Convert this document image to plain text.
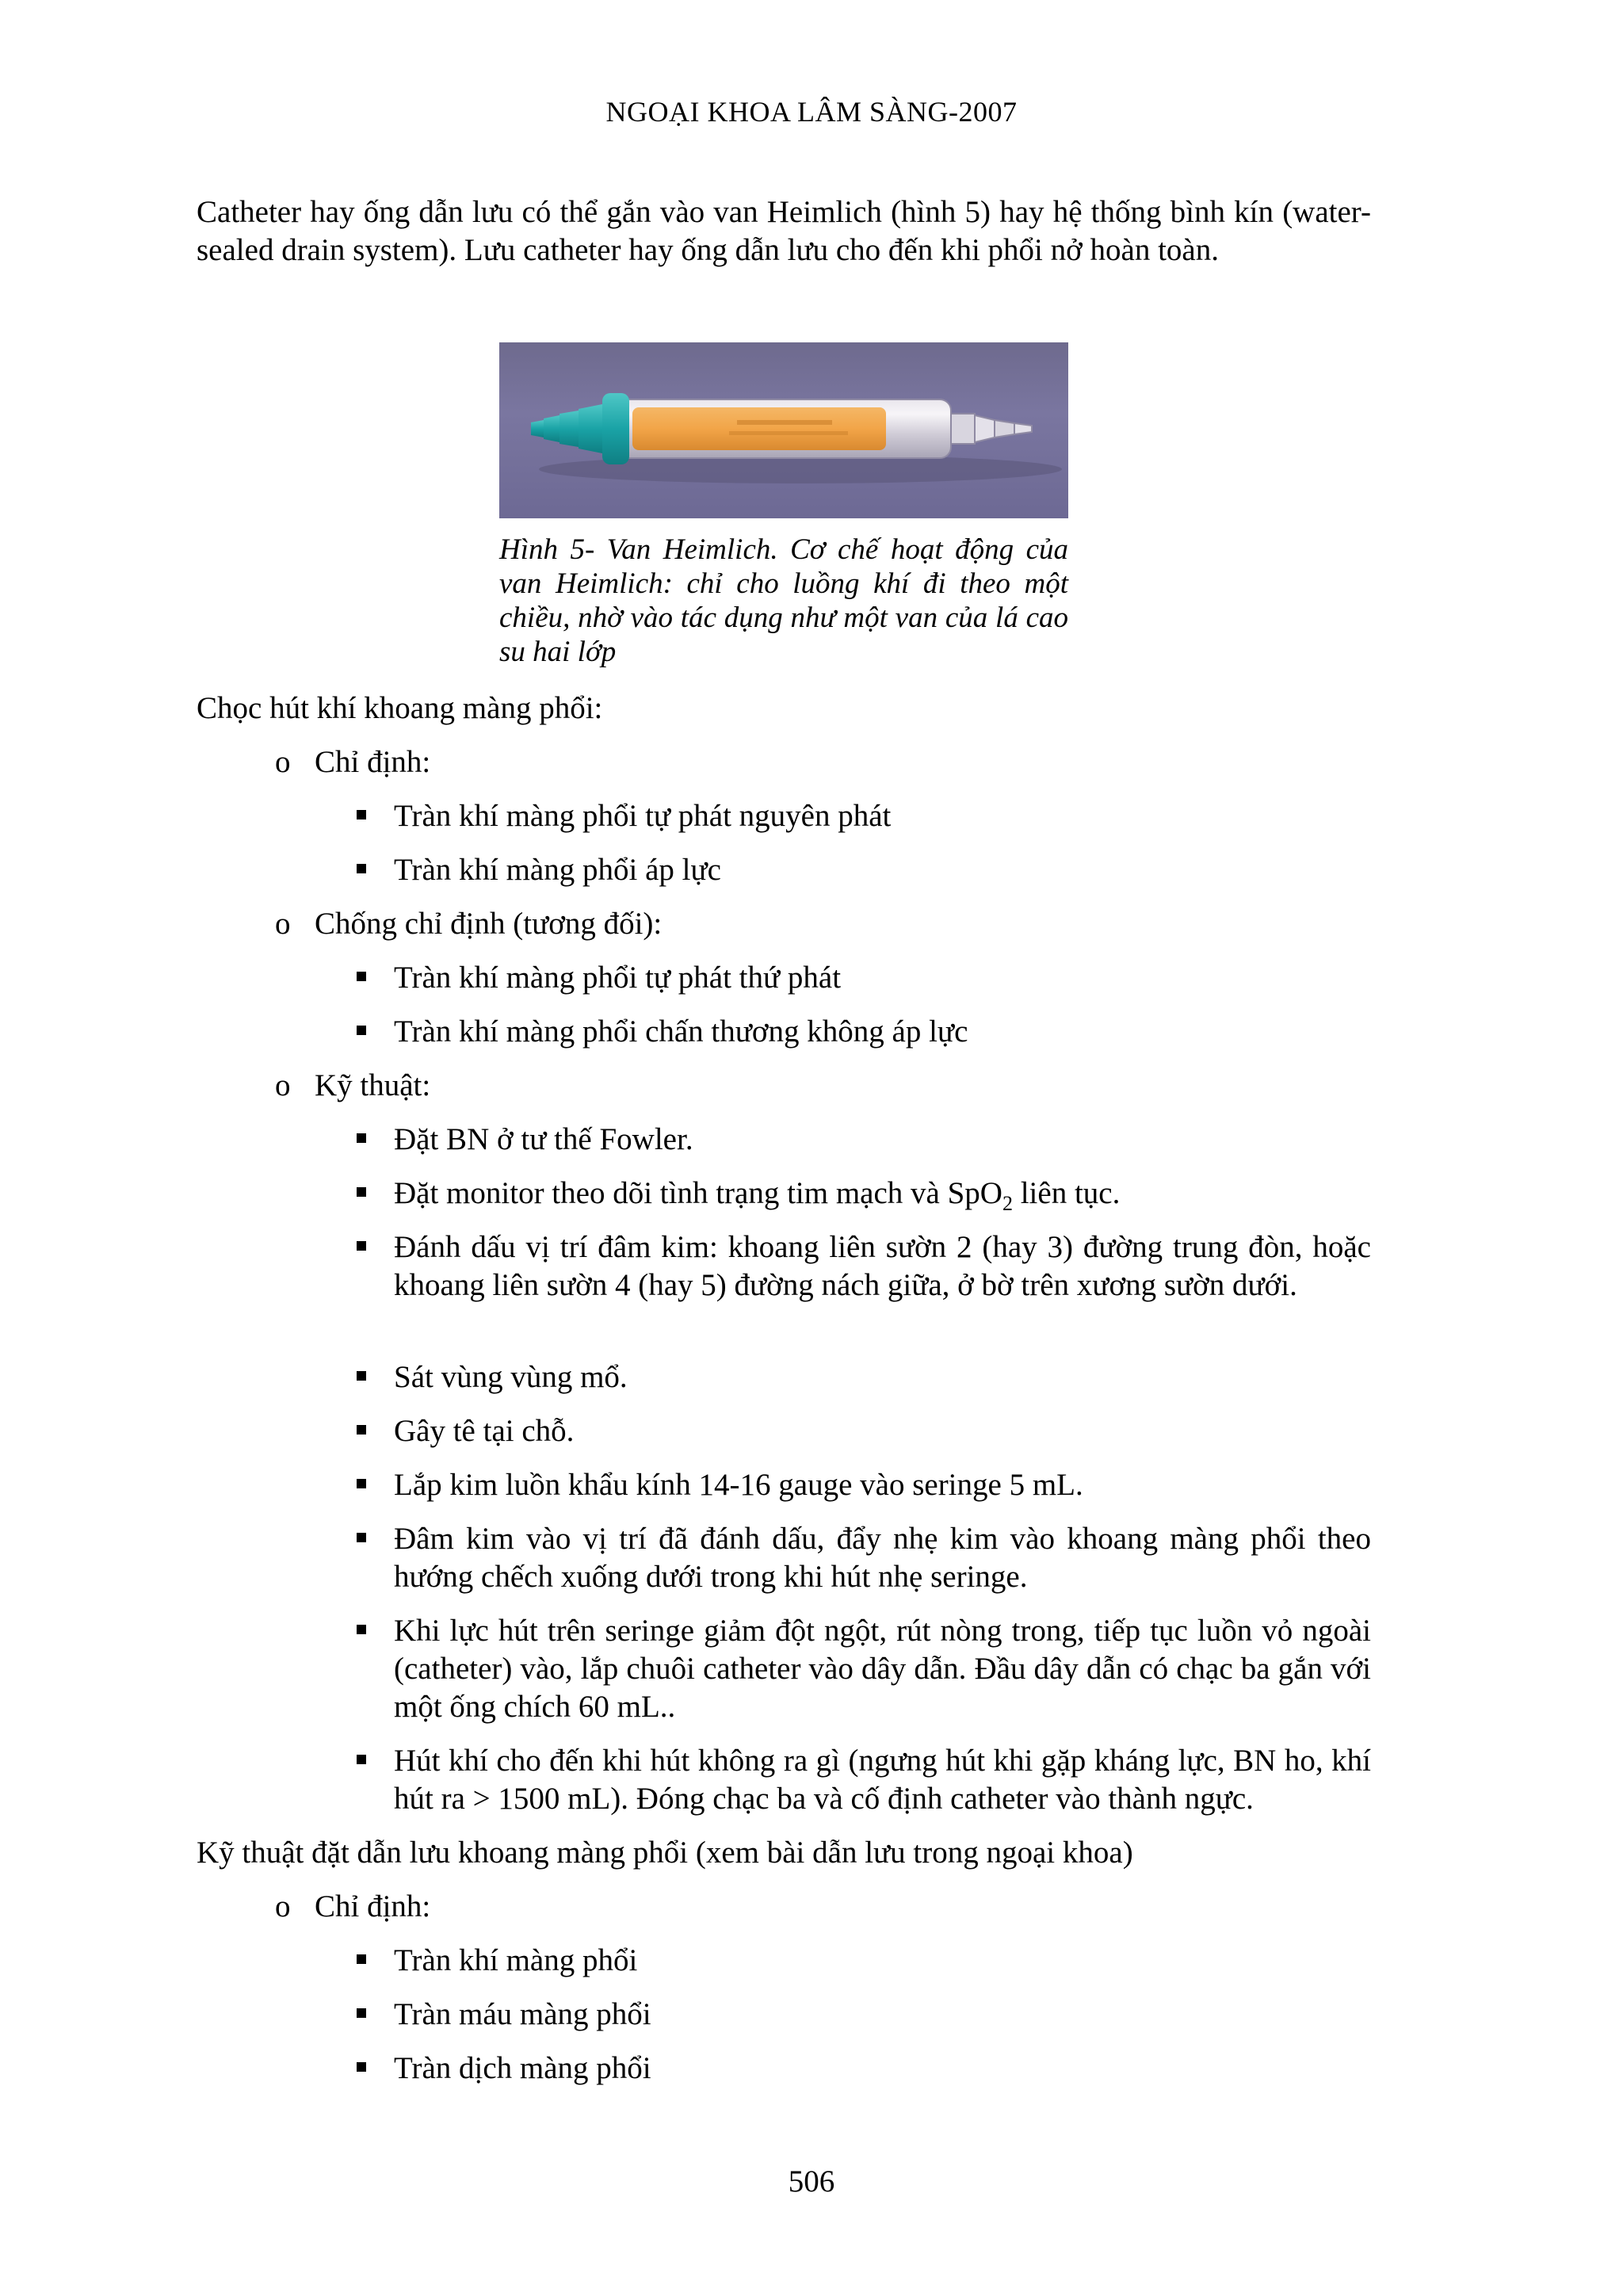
NGOẠI KHOA LÂM SÀNG-2007
Catheter hay ống dẫn lưu có thể gắn vào van Heimlich (hình 5) hay hệ thống bình kín (water-sealed drain system). Lưu catheter hay ống dẫn lưu cho đến khi phổi nở hoàn toàn.
Hình 5- Van Heimlich. Cơ chế hoạt động của van Heimlich: chỉ cho luồng khí đi theo một chiều, nhờ vào tác dụng như một van của lá cao su hai lớp
Chọc hút khí khoang màng phổi:
o Chỉ định:
Tràn khí màng phổi tự phát nguyên phát
Tràn khí màng phổi áp lực
o Chống chỉ định (tương đối):
Tràn khí màng phổi tự phát thứ phát
Tràn khí màng phổi chấn thương không áp lực
o Kỹ thuật:
Đặt BN ở tư thế Fowler.
Đặt monitor theo dõi tình trạng tim mạch và SpO$_2$ liên tục.
Đánh dấu vị trí đâm kim: khoang liên sườn 2 (hay 3) đường trung đòn, hoặc khoang liên sườn 4 (hay 5) đường nách giữa, ở bờ trên xương sườn dưới.
Sát vùng vùng mổ.
Gây tê tại chỗ.
Lắp kim luồn khẩu kính 14-16 gauge vào seringe 5 mL.
Đâm kim vào vị trí đã đánh dấu, đẩy nhẹ kim vào khoang màng phổi theo hướng chếch xuống dưới trong khi hút nhẹ seringe.
Khi lực hút trên seringe giảm đột ngột, rút nòng trong, tiếp tục luồn vỏ ngoài (catheter) vào, lắp chuôi catheter vào dây dẫn. Đầu dây dẫn có chạc ba gắn với một ống chích 60 mL..
Hút khí cho đến khi hút không ra gì (ngưng hút khi gặp kháng lực, BN ho, khí hút ra > 1500 mL). Đóng chạc ba và cố định catheter vào thành ngực.
Kỹ thuật đặt dẫn lưu khoang màng phổi (xem bài dẫn lưu trong ngoại khoa)
o Chỉ định:
Tràn khí màng phổi
Tràn máu màng phổi
Tràn dịch màng phổi
506
